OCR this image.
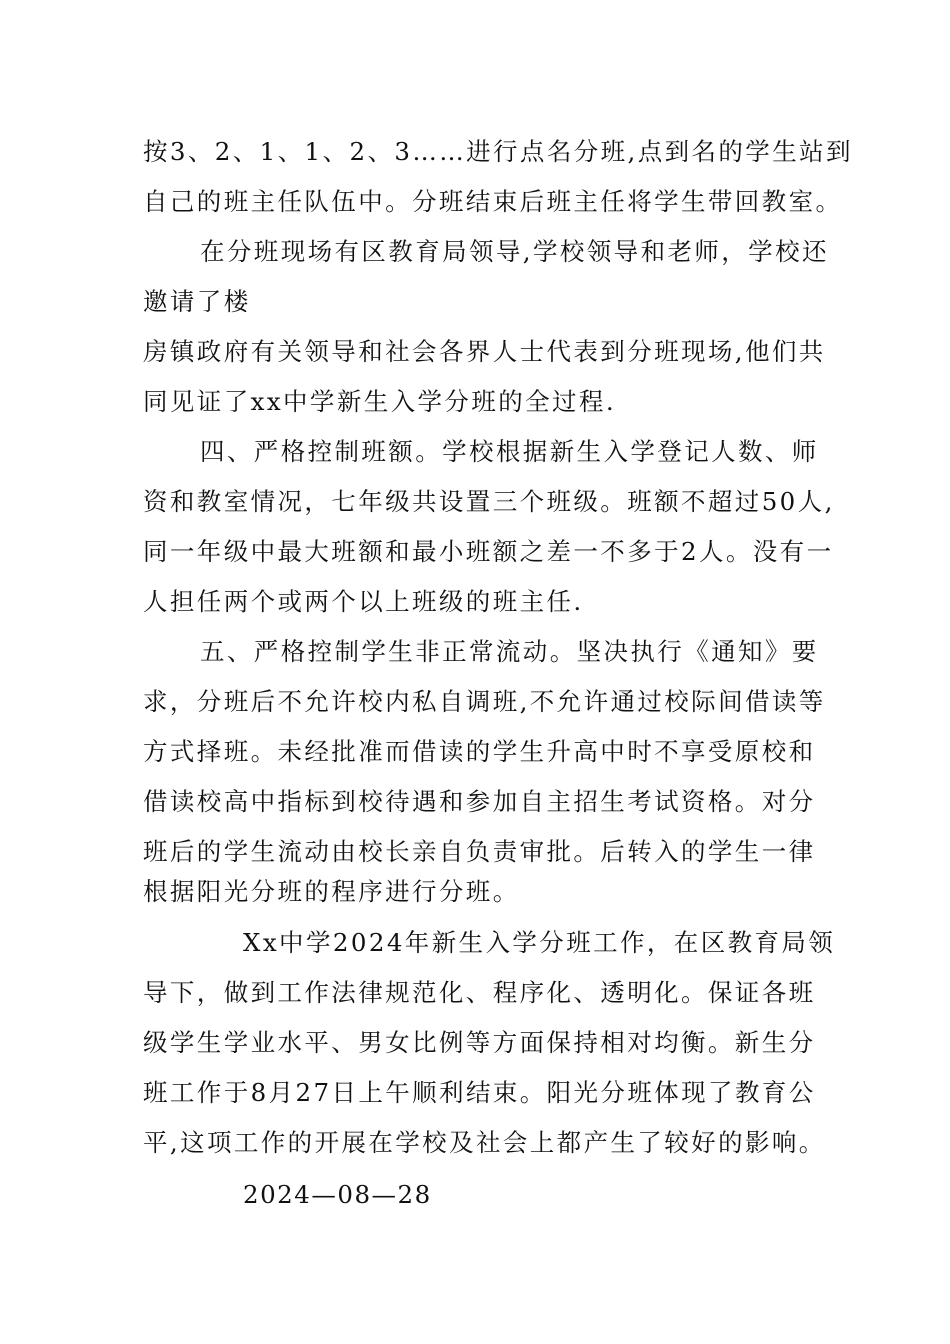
按3、2、1、1、2、3……进行点名分班,点到名的学生站到
自己的班主任队伍中。分班结束后班主任将学生带回教室。
在分班现场有区教育局领导,学校领导和老师，学校还
邀请了楼
房镇政府有关领导和社会各界人士代表到分班现场,他们共
同见证了xx中学新生入学分班的全过程.
四、严格控制班额。学校根据新生入学登记人数、师
资和教室情况，七年级共设置三个班级。班额不超过50人,
同一年级中最大班额和最小班额之差一不多于2人。没有一
人担任两个或两个以上班级的班主任.
五、严格控制学生非正常流动。坚决执行《通知》要
求，分班后不允许校内私自调班,不允许通过校际间借读等
方式择班。未经批准而借读的学生升高中时不享受原校和
借读校高中指标到校待遇和参加自主招生考试资格。对分
班后的学生流动由校长亲自负责审批。后转入的学生一律
根据阳光分班的程序进行分班。
Xx中学2024年新生入学分班工作，在区教育局领
导下，做到工作法律规范化、程序化、透明化。保证各班
级学生学业水平、男女比例等方面保持相对均衡。新生分
班工作于8月27日上午顺利结束。阳光分班体现了教育公
平,这项工作的开展在学校及社会上都产生了较好的影响。
2024—08—28
